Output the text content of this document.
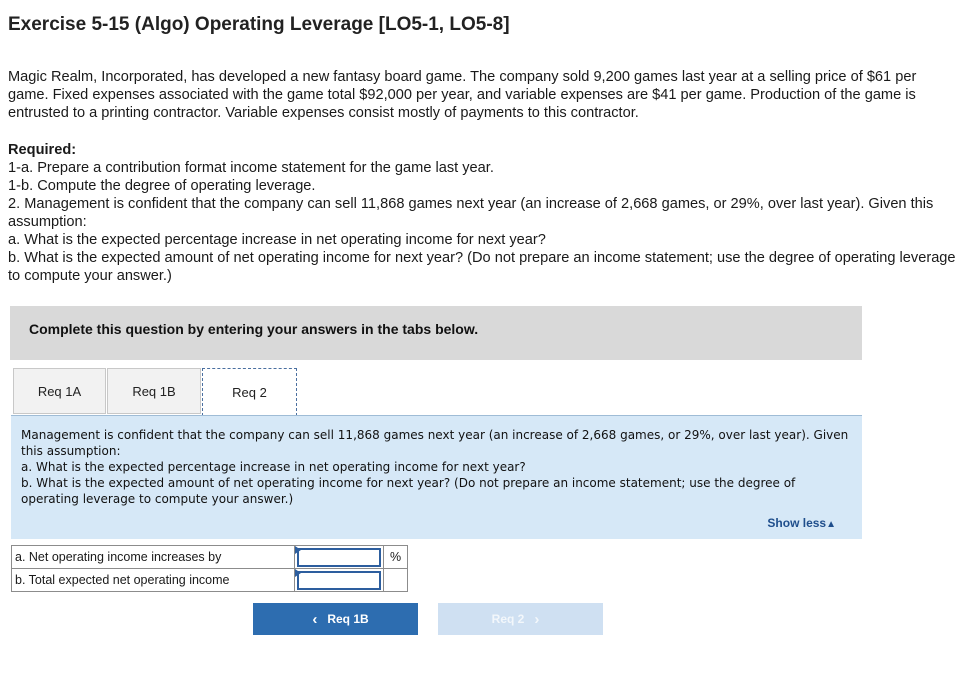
Exercise 5-15 (Algo) Operating Leverage [LO5-1, LO5-8]

Magic Realm, Incorporated, has developed a new fantasy board game. The company sold 9,200 games last year at a selling price of $61 per game. Fixed expenses associated with the game total $92,000 per year, and variable expenses are $41 per game. Production of the game is entrusted to a printing contractor. Variable expenses consist mostly of payments to this contractor.

Required:
1-a. Prepare a contribution format income statement for the game last year.
1-b. Compute the degree of operating leverage.
2. Management is confident that the company can sell 11,868 games next year (an increase of 2,668 games, or 29%, over last year). Given this assumption:
a. What is the expected percentage increase in net operating income for next year?
b. What is the expected amount of net operating income for next year? (Do not prepare an income statement; use the degree of operating leverage to compute your answer.)
Complete this question by entering your answers in the tabs below.
Req 1A	Req 1B	Req 2
Management is confident that the company can sell 11,868 games next year (an increase of 2,668 games, or 29%, over last year). Given this assumption:
a. What is the expected percentage increase in net operating income for next year?
b. What is the expected amount of net operating income for next year? (Do not prepare an income statement; use the degree of operating leverage to compute your answer.)
Show less▲
a. Net operating income increases by		%
b. Total expected net operating income	

‹ Req 1B	Req 2 ›
